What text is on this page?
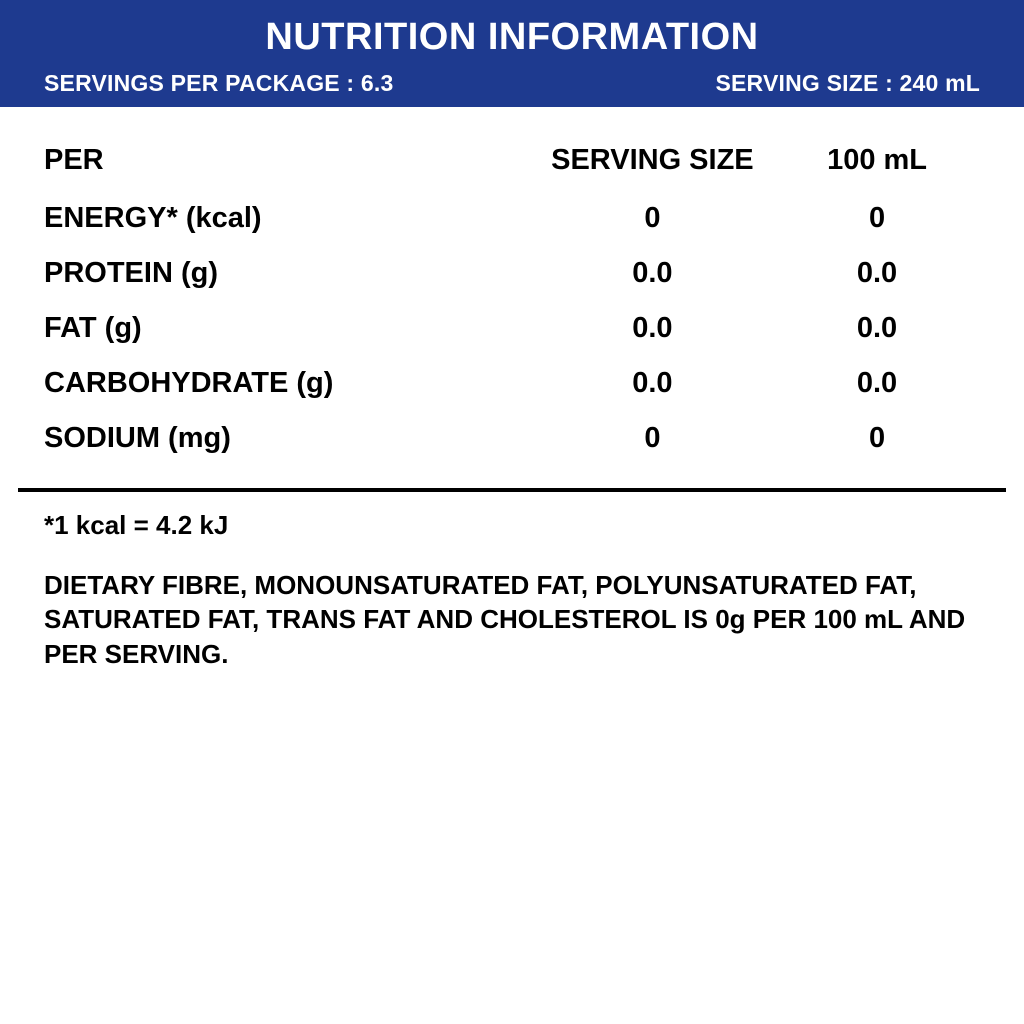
NUTRITION INFORMATION
SERVINGS PER PACKAGE : 6.3	SERVING SIZE : 240 mL
PER	SERVING SIZE	100 mL
ENERGY* (kcal)	0	0
PROTEIN (g)	0.0	0.0
FAT (g)	0.0	0.0
CARBOHYDRATE (g)	0.0	0.0
SODIUM (mg)	0	0

*1 kcal = 4.2 kJ

DIETARY FIBRE, MONOUNSATURATED FAT, POLYUNSATURATED FAT, SATURATED FAT, TRANS FAT AND CHOLESTEROL IS 0g PER 100 mL AND PER SERVING.
